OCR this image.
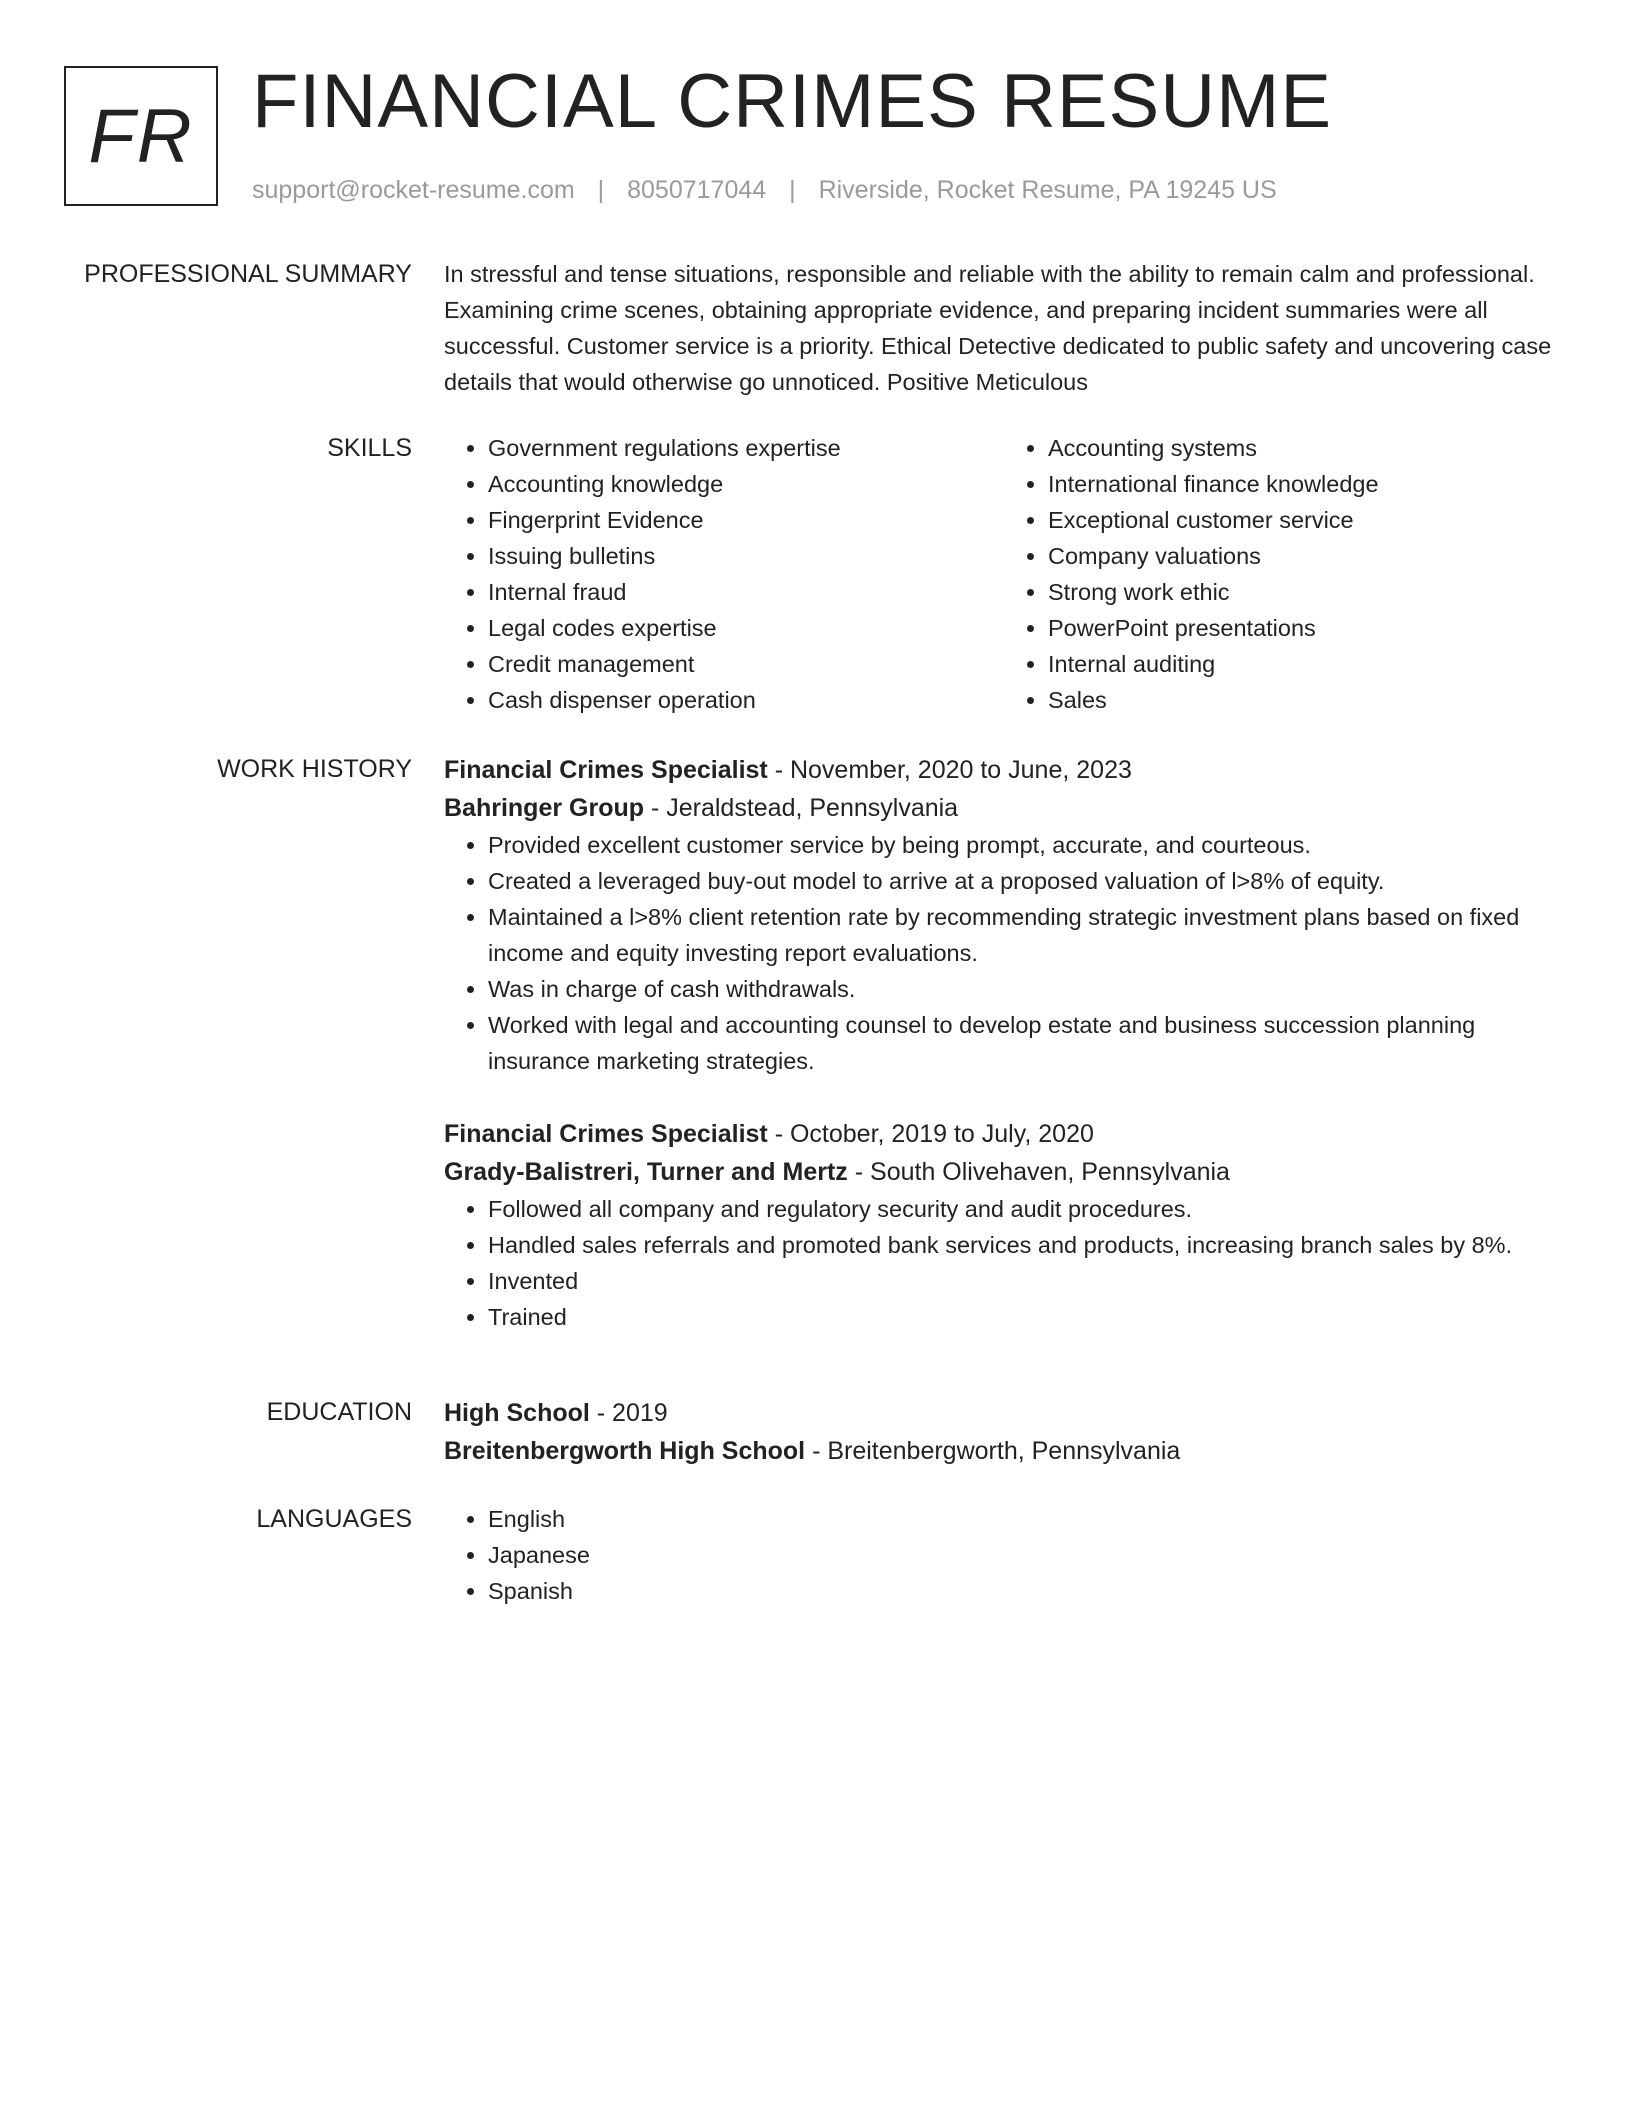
FR FINANCIAL CRIMES RESUME
support@rocket-resume.com | 8050717044 | Riverside, Rocket Resume, PA 19245 US
PROFESSIONAL SUMMARY In stressful and tense situations, responsible and reliable with the ability to remain calm and professional. Examining crime scenes, obtaining appropriate evidence, and preparing incident summaries were all successful. Customer service is a priority. Ethical Detective dedicated to public safety and uncovering case details that would otherwise go unnoticed. Positive Meticulous

SKILLS	• Government regulations expertise
• Accounting knowledge
• Fingerprint Evidence
• Issuing bulletins
• Internal fraud
• Legal codes expertise
• Credit management
• Cash dispenser operation
• Accounting systems
• International finance knowledge
• Exceptional customer service
• Company valuations
• Strong work ethic
• PowerPoint presentations
• Internal auditing
• Sales
WORK HISTORY Financial Crimes Specialist - November, 2020 to June, 2023
Bahringer Group - Jeraldstead, Pennsylvania
• Provided excellent customer service by being prompt, accurate, and courteous.
• Created a leveraged buy-out model to arrive at a proposed valuation of l>8% of equity.
• Maintained a l>8% client retention rate by recommending strategic investment plans based on fixed income and equity investing report evaluations.
• Was in charge of cash withdrawals.
• Worked with legal and accounting counsel to develop estate and business succession planning insurance marketing strategies.
Financial Crimes Specialist - October, 2019 to July, 2020
Grady-Balistreri, Turner and Mertz - South Olivehaven, Pennsylvania
• Followed all company and regulatory security and audit procedures.
• Handled sales referrals and promoted bank services and products, increasing branch sales by 8%.
• Invented
• Trained
EDUCATION High School - 2019
Breitenbergworth High School - Breitenbergworth, Pennsylvania
LANGUAGES	• English
• Japanese
• Spanish
